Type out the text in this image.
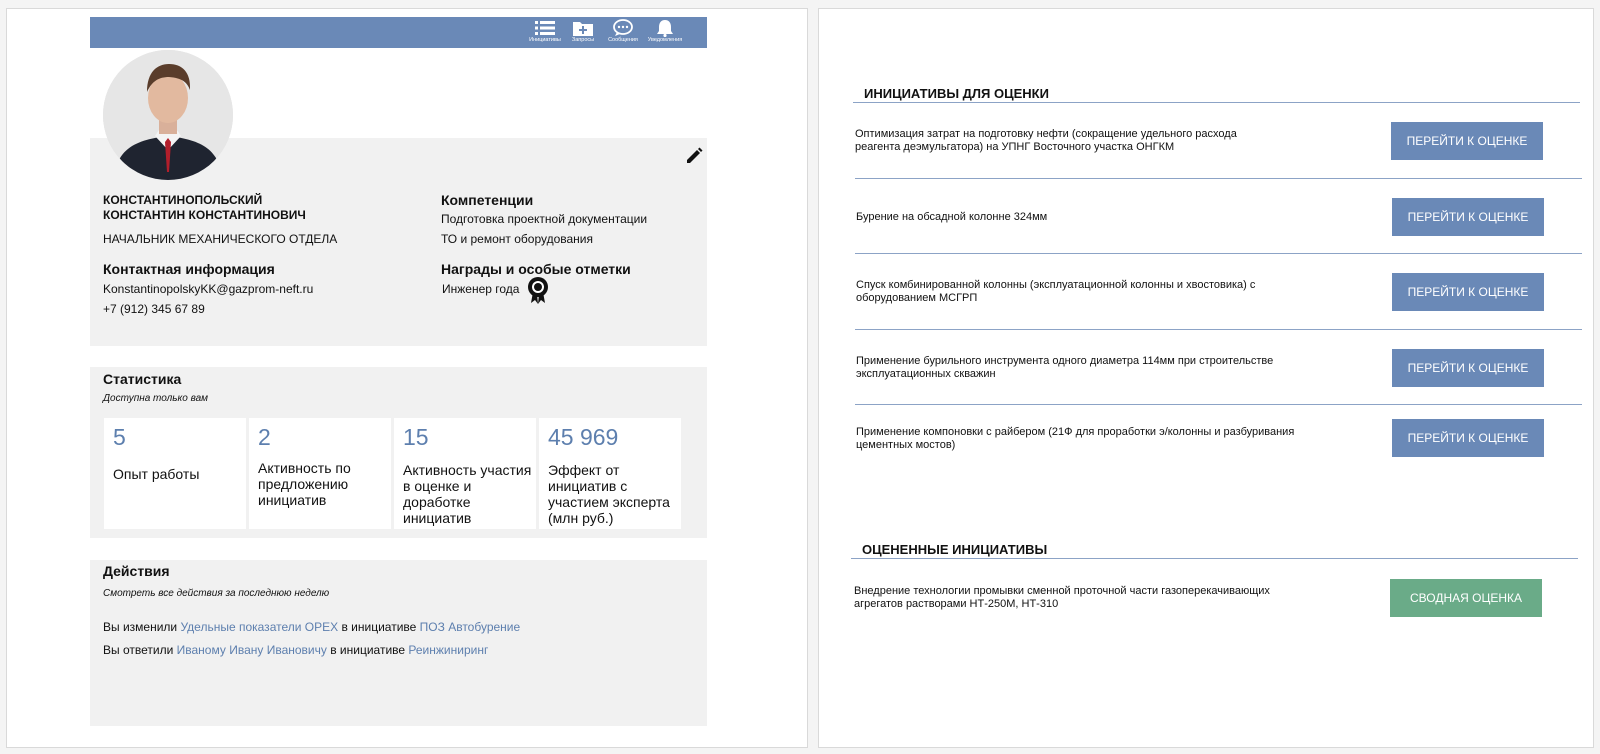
Инициативы	Запросы	Сообщения	Уведомления
КОНСТАНТИНОПОЛЬСКИЙ
КОНСТАНТИН КОНСТАНТИНОВИЧ
НАЧАЛЬНИК МЕХАНИЧЕСКОГО ОТДЕЛА
Контактная информация
KonstantinopolskyKK@gazprom-neft.ru
+7 (912) 345 67 89
Компетенции
Подготовка проектной документации
ТО и ремонт оборудования
Награды и особые отметки
Инженер года
Статистика
Доступна только вам
5
Опыт работы
2
Активность по предложению инициатив
15
Активность участия в оценке и доработке инициатив
45 969
Эффект от инициатив с участием эксперта (млн руб.)
Действия
Смотреть все действия за последнюю неделю
Вы изменили Удельные показатели OPEX в инициативе ПОЗ Автобурение
Вы ответили Иваному Ивану Ивановичу в инициативе Реинжиниринг
ИНИЦИАТИВЫ ДЛЯ ОЦЕНКИ
Оптимизация затрат на подготовку нефти (сокращение удельного расхода
реагента деэмульгатора) на УПНГ Восточного участка ОНГКМ	ПЕРЕЙТИ К ОЦЕНКЕ
Бурение на обсадной колонне 324мм	ПЕРЕЙТИ К ОЦЕНКЕ
Спуск комбинированной колонны (эксплуатационной колонны и хвостовика) с
оборудованием МСГРП	ПЕРЕЙТИ К ОЦЕНКЕ
Применение бурильного инструмента одного диаметра 114мм при строительстве
эксплуатационных скважин	ПЕРЕЙТИ К ОЦЕНКЕ
Применение компоновки с райбером (21Ф для проработки э/колонны и разбуривания
цементных мостов)	ПЕРЕЙТИ К ОЦЕНКЕ
ОЦЕНЕННЫЕ ИНИЦИАТИВЫ
Внедрение технологии промывки сменной проточной части газоперекачивающих
агрегатов растворами НТ-250М, НТ-310	СВОДНАЯ ОЦЕНКА
